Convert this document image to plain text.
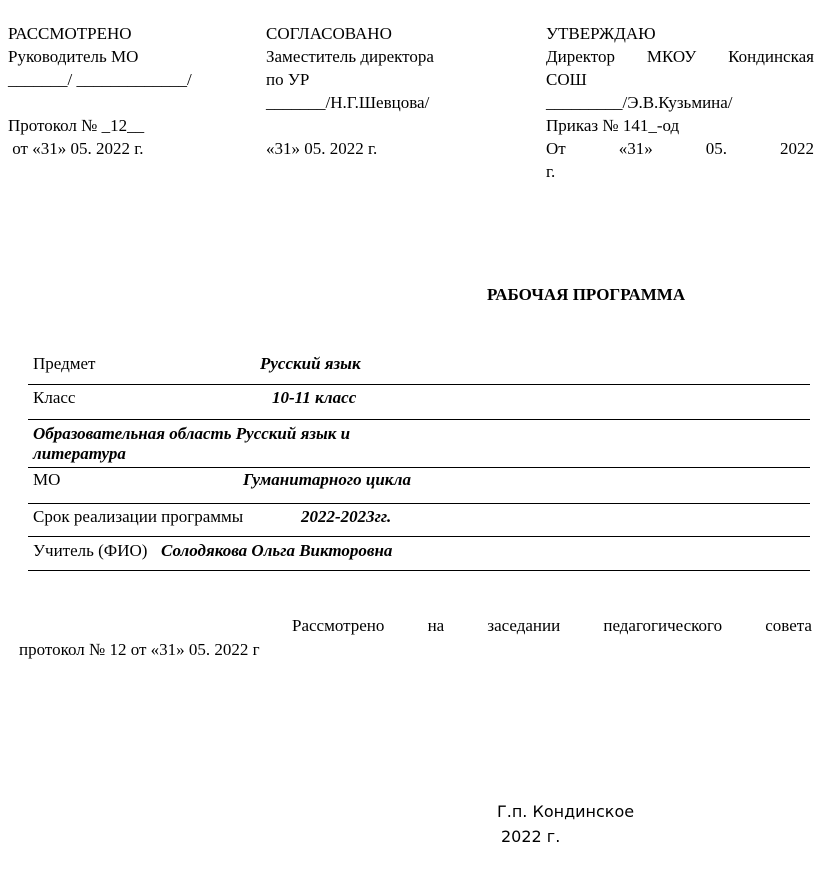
РАССМОТРЕНО
Руководитель МО
_______/ _____________/
Протокол № _12__
от «31» 05. 2022 г.
СОГЛАСОВАНО
Заместитель директора
по УР
_______/Н.Г.Шевцова/
«31» 05. 2022 г.
УТВЕРЖДАЮ
Директор МКОУ Кондинская
СОШ
_________/Э.В.Кузьмина/
Приказ № 141_-од
От	«31»	05.	2022
г.
РАБОЧАЯ ПРОГРАММА
Предмет	Русский язык
Класс	10-11 класс
Образовательная область Русский язык и
литература
МО	Гуманитарного цикла
Срок реализации программы	2022-2023гг.
Учитель (ФИО) Солодякова Ольга Викторовна
Рассмотрено	на	заседании	педагогического	совета
протокол № 12 от «31» 05. 2022 г
Г.п. Кондинское
2022 г.
